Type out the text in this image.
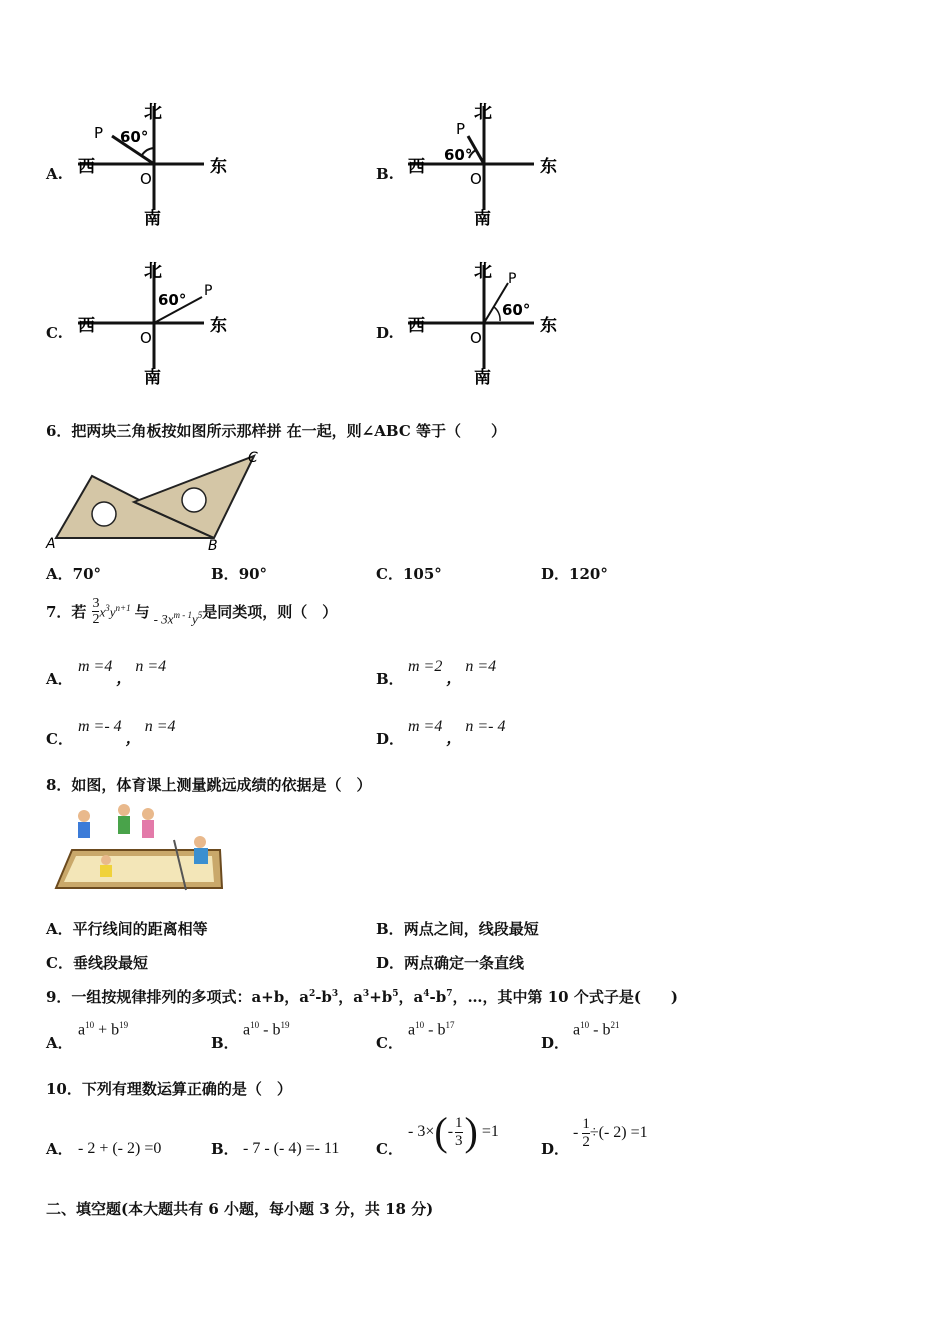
A.
北
南
西	东
O
P 60°
B.
北
南
西	东
O
P
60°
C.
北
南
西	东
O
P
60°
D.
北
南
西	东
O
P
60°
6．把两块三角板按如图所示那样拼 在一起，则∠ABC 等于（　　）
A	B
C
A．70°	B．90°	C．105°	D．120°
7．若 $\frac{3}{2} x^3y^{n+1}$ 与 - $3x^{m - 1}y^5$ 是同类项，则（　）
A．
m =4，n =4
B．
m =2，n =4
C．
m =- 4，n =4
D．
m =4，n =- 4
8．如图，体育课上测量跳远成绩的依据是（　）
A．平行线间的距离相等	B．两点之间，线段最短
C．垂线段最短	D．两点确定一条直线
9．一组按规律排列的多项式：a+b，$a^2-b^3$，$a^3+b^5$，$a^4-b^7$，…，其中第 10 个式子是(　　)
A．
$a^{10} + b^{19}$
B．
$a^{10} - b^{19}$
C．
$a^{10} - b^{17}$
D．
$a^{10} - b^{21}$
10．下列有理数运算正确的是（　）
A． - 2 + (- 2) =0	B． - 7 - (- 4) =- 11 C．
- 3× ( - $\frac{1}{3}$ ) =1
D．
- $\frac{1}{2}$ ÷(- 2) =1
二、填空题(本大题共有 6 小题，每小题 3 分，共 18 分)
